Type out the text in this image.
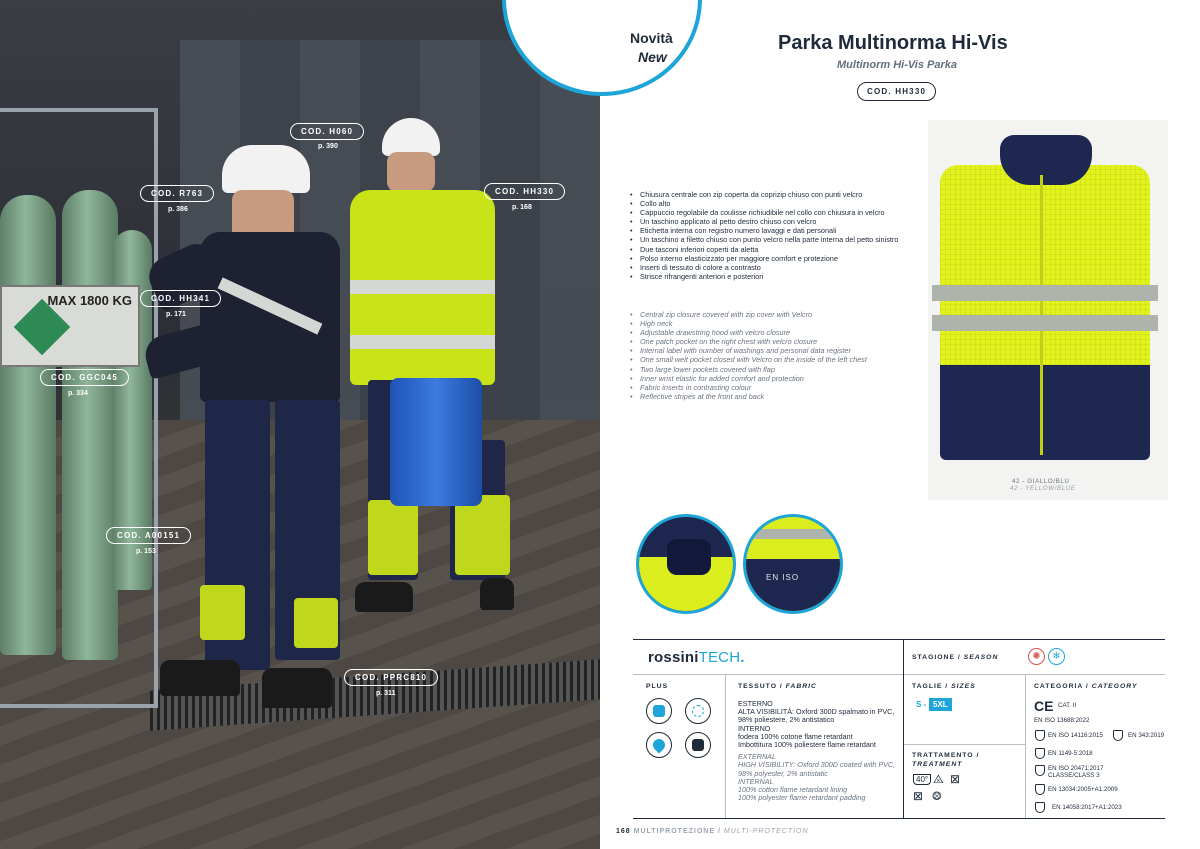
MAX 1800 KG
COD. H060
p. 390
COD. R763
p. 386
COD. HH330
p. 168
COD. HH341
p. 171
COD. GGC045
p. 334
COD. A00151
p. 153
COD. PPRC810
p. 311
Novità
New
Parka Multinorma Hi-Vis
Multinorm Hi-Vis Parka
COD. HH330
• Chiusura centrale con zip coperta da coprizip chiuso con punti velcro
• Collo alto
• Cappuccio regolabile da coulisse richiudibile nel collo con chiusura in velcro
• Un taschino applicato al petto destro chiuso con velcro
• Etichetta interna con registro numero lavaggi e dati personali
• Un taschino a filetto chiuso con punto velcro nella parte interna del petto sinistro
• Due tasconi inferiori coperti da aletta
• Polso interno elasticizzato per maggiore comfort e protezione
• Inserti di tessuto di colore a contrasto
• Strisce rifrangenti anteriori e posteriori
• Central zip closure covered with zip cover with Velcro
• High neck
• Adjustable drawstring hood with velcro closure
• One patch pocket on the right chest with velcro closure
• Internal label with number of washings and personal data register
• One small welt pocket closed with Velcro on the inside of the left chest
• Two large lower pockets covered with flap
• Inner wrist elastic for added comfort and protection
• Fabric inserts in contrasting colour
• Reflective stripes at the front and back
42 - GIALLO/BLU
42 - YELLOW/BLUE
EN ISO
rossiniTECH.	STAGIONE / SEASON	✺	❄
PLUS	TESSUTO / FABRIC

ESTERNO

ALTA VISIBILITÀ: Oxford 300D spalmato in PVC, 98% poliestere, 2% antistatico

INTERNO

fodera 100% cotone flame retardant

Imbottitura 100% poliestere flame retardant

EXTERNAL

HIGH VISIBILITY: Oxford 300D coated with PVC, 98% polyester, 2% antistatic

INTERNAL

100% cotton flame retardant lining

100% polyester flame retardant padding

TAGLIE / SIZES
S - 5XL
TRATTAMENTO /
TREATMENT
40° ⨻ ⊠
⊠ ⨷
CATEGORIA / CATEGORY
CE CAT. II
EN ISO 13688:2022
EN ISO 14116:2015	EN 343:2019
EN 1149-5:2018
EN ISO 20471:2017
CLASSE/CLASS 3
EN 13034:2005+A1:2009
EN 14058:2017+A1:2023
168 MULTIPROTEZIONE / MULTI-PROTECTION
